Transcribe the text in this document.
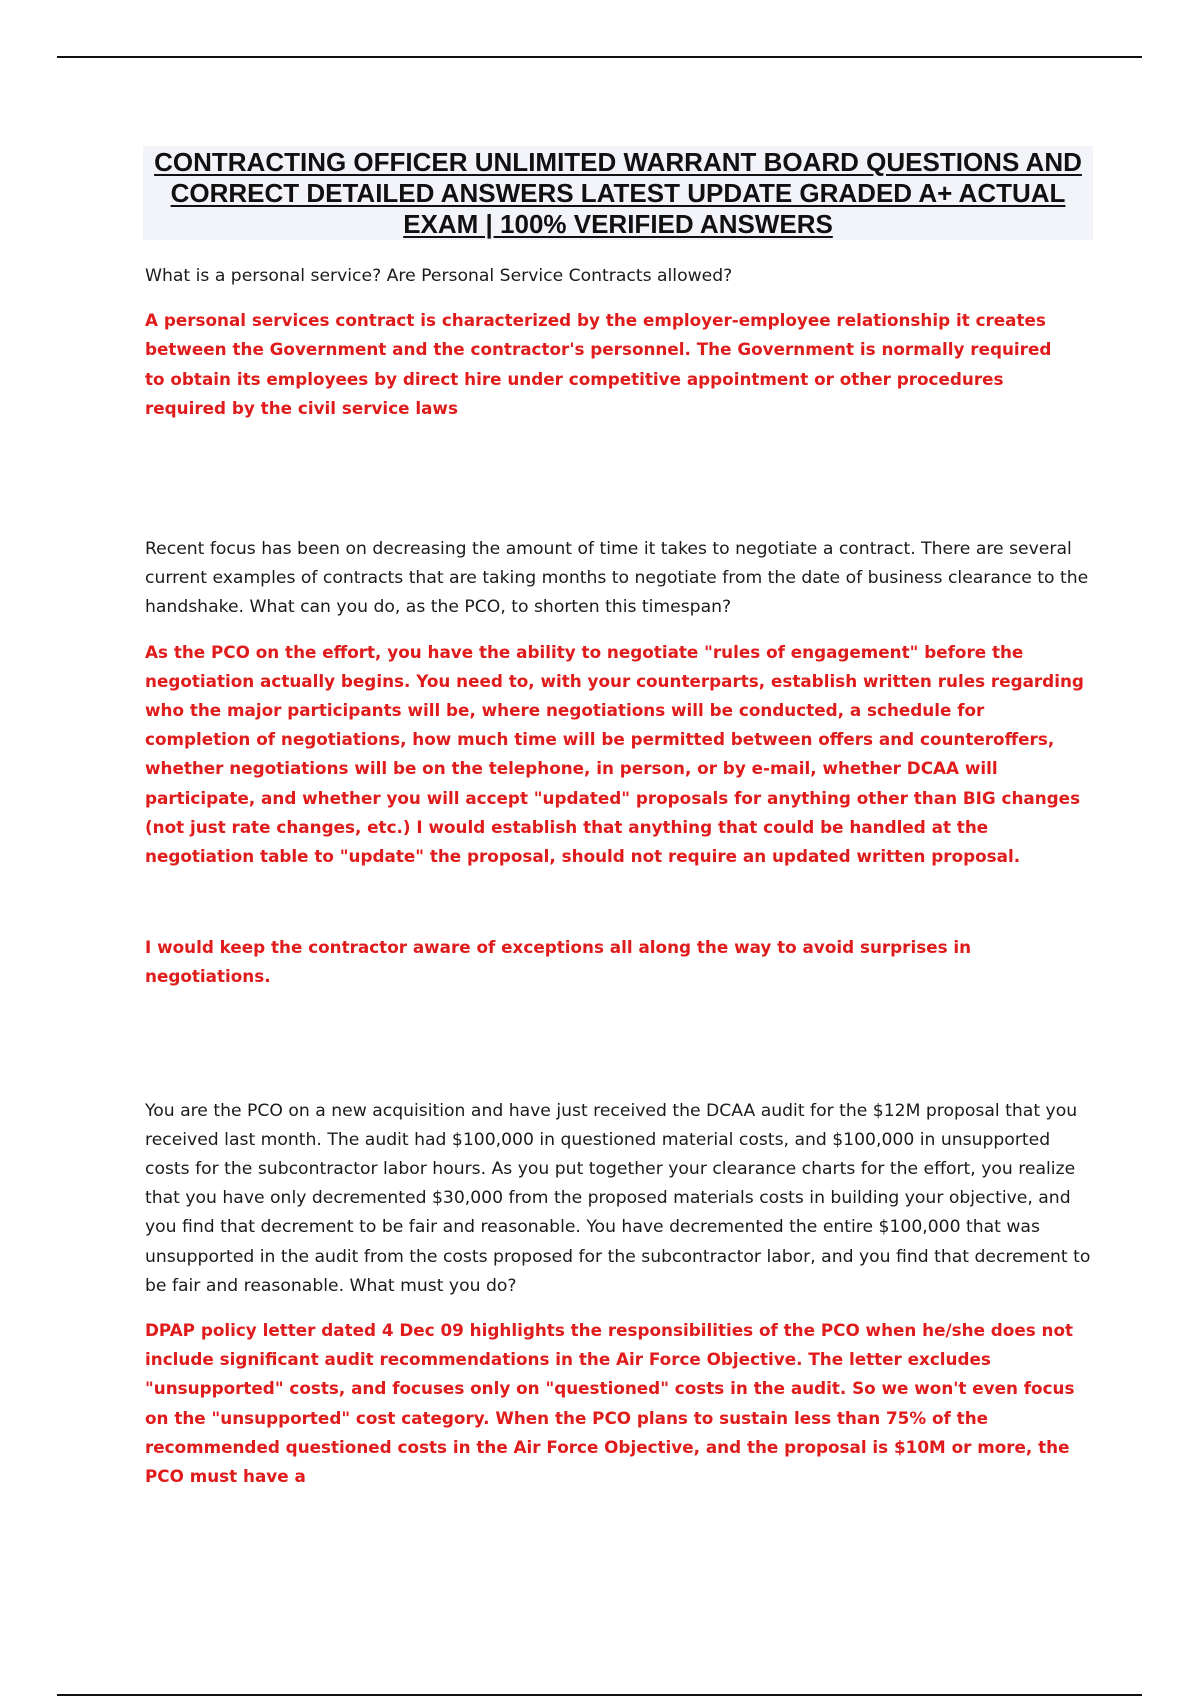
CONTRACTING OFFICER UNLIMITED WARRANT BOARD QUESTIONS AND CORRECT DETAILED ANSWERS LATEST UPDATE GRADED A+ ACTUAL EXAM | 100% VERIFIED ANSWERS

What is a personal service? Are Personal Service Contracts allowed?

A personal services contract is characterized by the employer-employee relationship it creates between the Government and the contractor's personnel. The Government is normally required to obtain its employees by direct hire under competitive appointment or other procedures required by the civil service laws

Recent focus has been on decreasing the amount of time it takes to negotiate a contract. There are several current examples of contracts that are taking months to negotiate from the date of business clearance to the handshake. What can you do, as the PCO, to shorten this timespan?

As the PCO on the effort, you have the ability to negotiate "rules of engagement" before the negotiation actually begins. You need to, with your counterparts, establish written rules regarding who the major participants will be, where negotiations will be conducted, a schedule for completion of negotiations, how much time will be permitted between offers and counteroffers, whether negotiations will be on the telephone, in person, or by e-mail, whether DCAA will participate, and whether you will accept "updated" proposals for anything other than BIG changes (not just rate changes, etc.) I would establish that anything that could be handled at the negotiation table to "update" the proposal, should not require an updated written proposal.

I would keep the contractor aware of exceptions all along the way to avoid surprises in negotiations.

You are the PCO on a new acquisition and have just received the DCAA audit for the $12M proposal that you received last month. The audit had $100,000 in questioned material costs, and $100,000 in unsupported costs for the subcontractor labor hours. As you put together your clearance charts for the effort, you realize that you have only decremented $30,000 from the proposed materials costs in building your objective, and you find that decrement to be fair and reasonable. You have decremented the entire $100,000 that was unsupported in the audit from the costs proposed for the subcontractor labor, and you find that decrement to be fair and reasonable. What must you do?

DPAP policy letter dated 4 Dec 09 highlights the responsibilities of the PCO when he/she does not include significant audit recommendations in the Air Force Objective. The letter excludes "unsupported" costs, and focuses only on "questioned" costs in the audit. So we won't even focus on the "unsupported" cost category. When the PCO plans to sustain less than 75% of the recommended questioned costs in the Air Force Objective, and the proposal is $10M or more, the PCO must have a
